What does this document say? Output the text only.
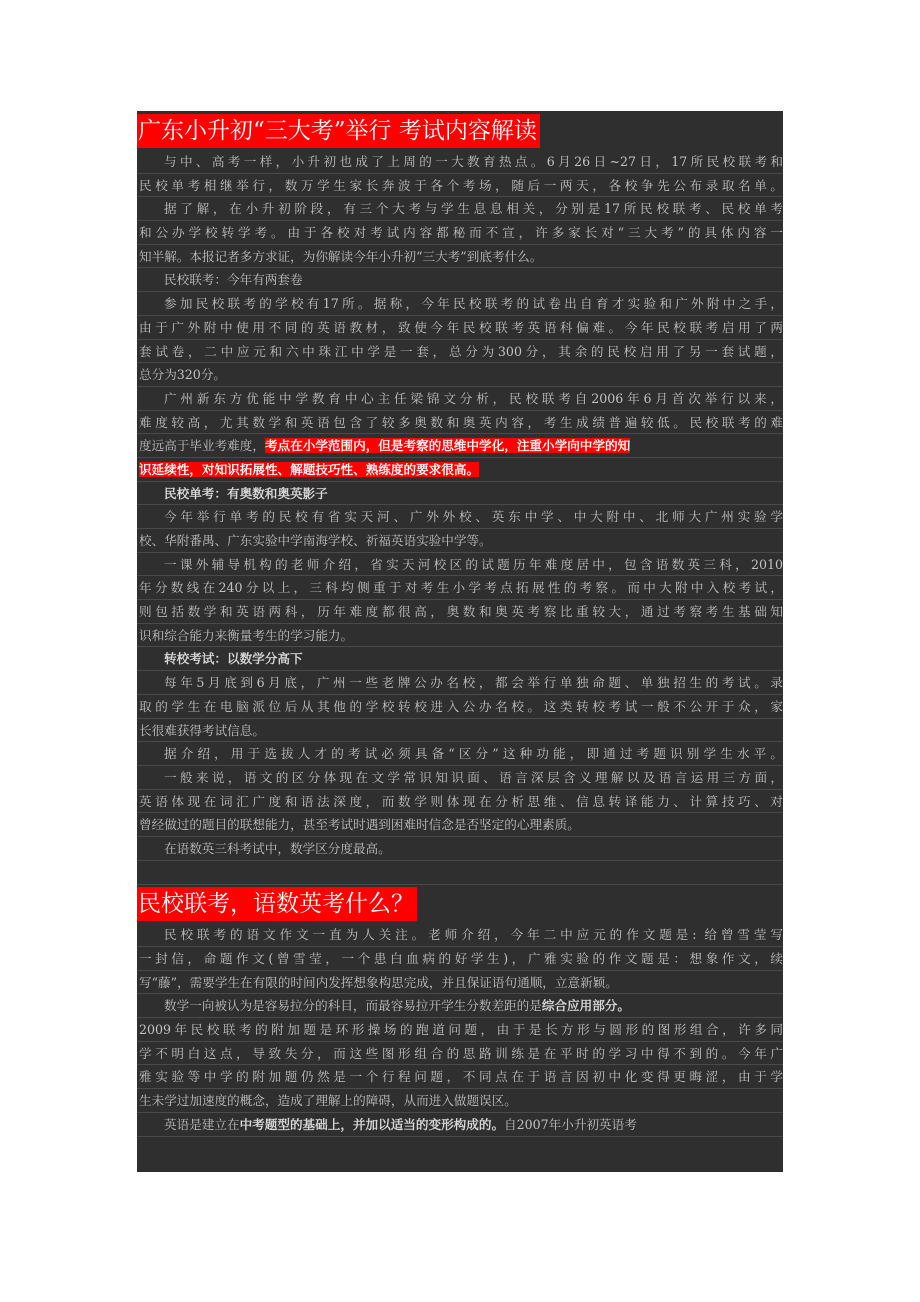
广东小升初“三大考”举行 考试内容解读
与中、高考一样，小升初也成了上周的一大教育热点。6月26日~27日，17所民校联考和
民校单考相继举行，数万学生家长奔波于各个考场，随后一两天，各校争先公布录取名单。
据了解，在小升初阶段，有三个大考与学生息息相关，分别是17所民校联考、民校单考
和公办学校转学考。由于各校对考试内容都秘而不宣，许多家长对“三大考”的具体内容一
知半解。本报记者多方求证，为你解读今年小升初“三大考”到底考什么。
民校联考：今年有两套卷
参加民校联考的学校有17所。据称，今年民校联考的试卷出自育才实验和广外附中之手，
由于广外附中使用不同的英语教材，致使今年民校联考英语科偏难。今年民校联考启用了两
套试卷，二中应元和六中珠江中学是一套，总分为300分，其余的民校启用了另一套试题，
总分为320分。
广州新东方优能中学教育中心主任梁锦文分析，民校联考自2006年6月首次举行以来，
难度较高，尤其数学和英语包含了较多奥数和奥英内容，考生成绩普遍较低。民校联考的难
度远高于毕业考难度，考点在小学范围内，但是考察的思维中学化，注重小学向中学的知
识延续性，对知识拓展性、解题技巧性、熟练度的要求很高。
民校单考：有奥数和奥英影子
今年举行单考的民校有省实天河、广外外校、英东中学、中大附中、北师大广州实验学
校、华附番禺、广东实验中学南海学校、祈福英语实验中学等。
一课外辅导机构的老师介绍，省实天河校区的试题历年难度居中，包含语数英三科，2010
年分数线在240分以上，三科均侧重于对考生小学考点拓展性的考察。而中大附中入校考试，
则包括数学和英语两科，历年难度都很高，奥数和奥英考察比重较大，通过考察考生基础知
识和综合能力来衡量考生的学习能力。
转校考试：以数学分高下
每年5月底到6月底，广州一些老牌公办名校，都会举行单独命题、单独招生的考试。录
取的学生在电脑派位后从其他的学校转校进入公办名校。这类转校考试一般不公开于众，家
长很难获得考试信息。
据介绍，用于选拔人才的考试必须具备“区分”这种功能，即通过考题识别学生水平。
一般来说，语文的区分体现在文学常识知识面、语言深层含义理解以及语言运用三方面，
英语体现在词汇广度和语法深度，而数学则体现在分析思维、信息转译能力、计算技巧、对
曾经做过的题目的联想能力，甚至考试时遇到困难时信念是否坚定的心理素质。
在语数英三科考试中，数学区分度最高。
民校联考，语数英考什么？
民校联考的语文作文一直为人关注。老师介绍，今年二中应元的作文题是: 给曾雪莹写
一封信，命题作文(曾雪莹，一个患白血病的好学生)，广雅实验的作文题是：想象作文，续
写“藤”，需要学生在有限的时间内发挥想象构思完成，并且保证语句通顺，立意新颖。
数学一向被认为是容易拉分的科目，而最容易拉开学生分数差距的是综合应用部分。
2009年民校联考的附加题是环形操场的跑道问题，由于是长方形与圆形的图形组合，许多同
学不明白这点，导致失分，而这些图形组合的思路训练是在平时的学习中得不到的。今年广
雅实验等中学的附加题仍然是一个行程问题，不同点在于语言因初中化变得更晦涩，由于学
生未学过加速度的概念，造成了理解上的障碍，从而进入做题误区。
英语是建立在中考题型的基础上，并加以适当的变形构成的。自2007年小升初英语考
